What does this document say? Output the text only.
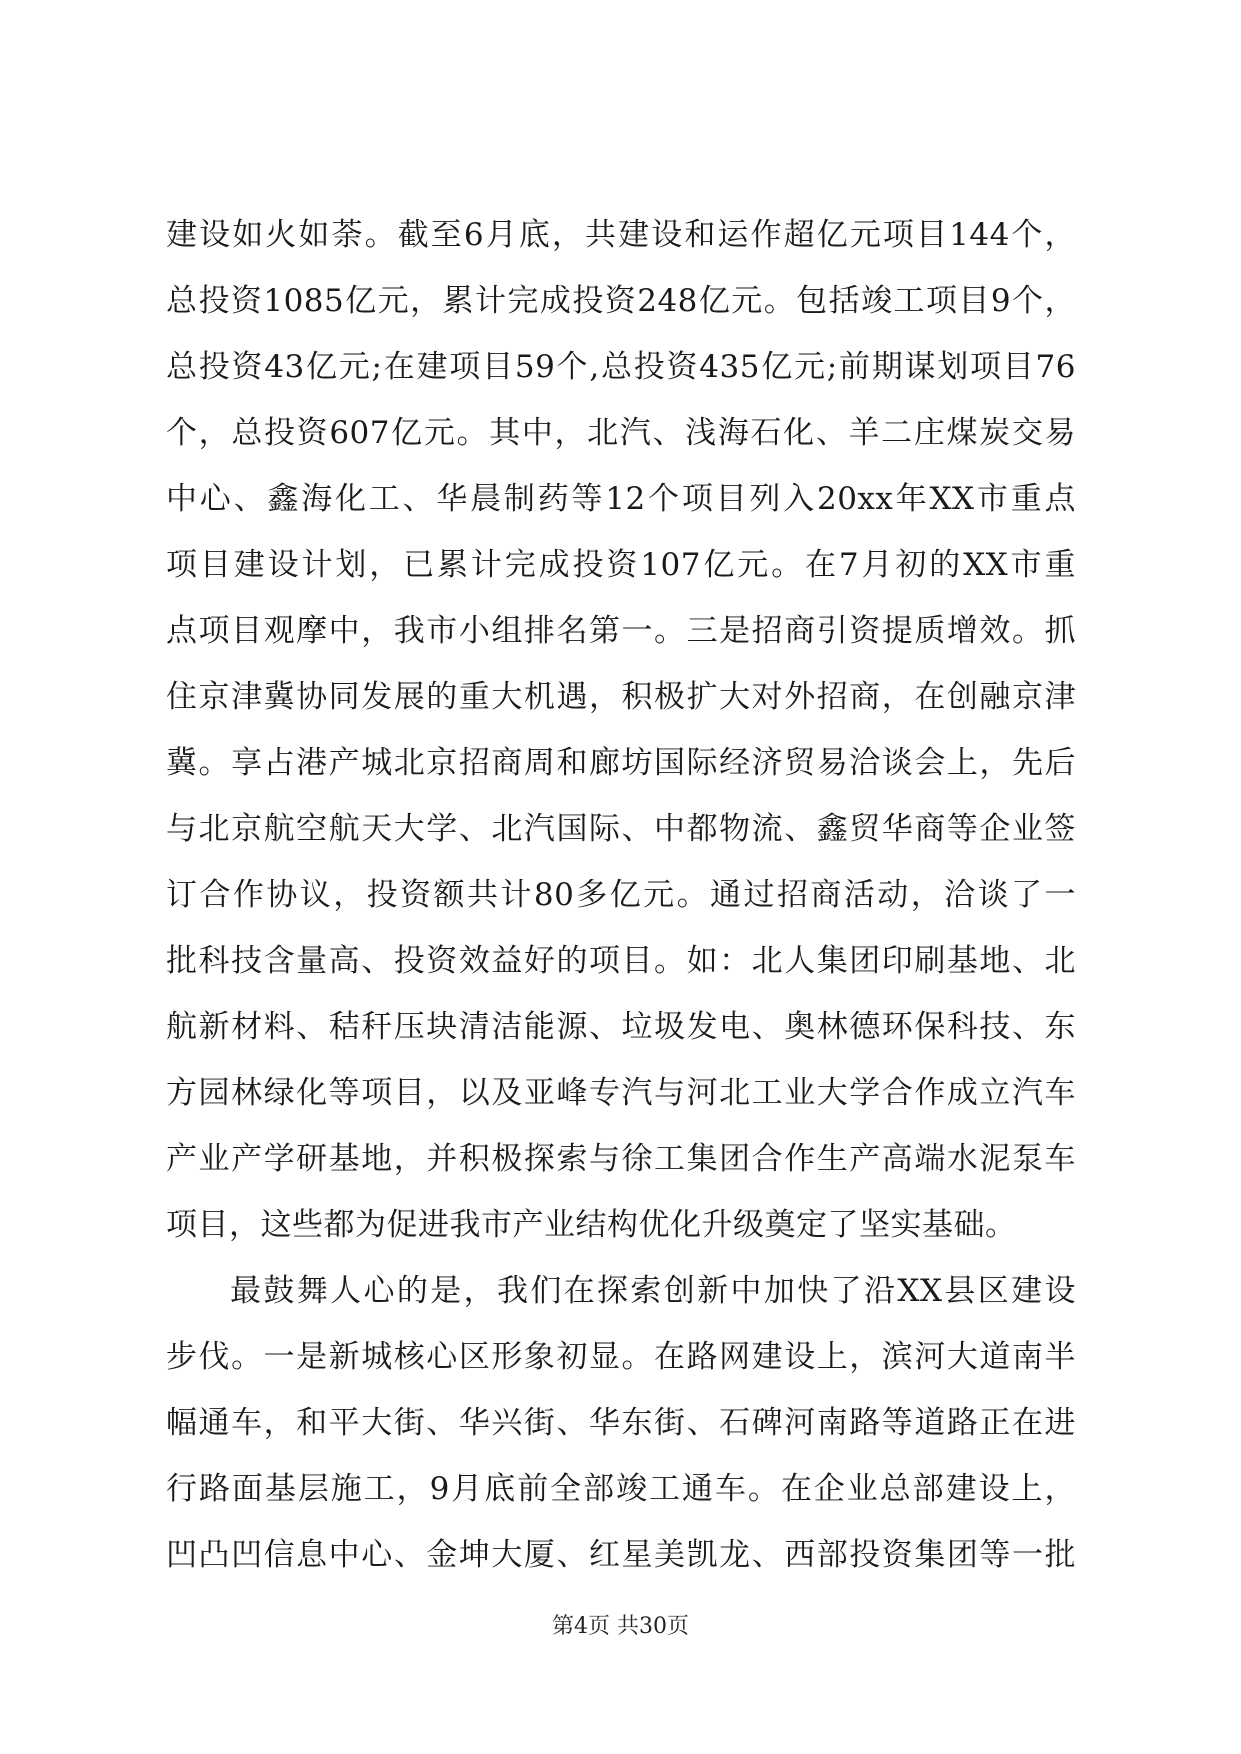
建设如火如荼。截至6月底，共建设和运作超亿元项目144个，
总投资1085亿元，累计完成投资248亿元。包括竣工项目9个，
总投资43亿元;在建项目59个,总投资435亿元;前期谋划项目76
个，总投资607亿元。其中，北汽、浅海石化、羊二庄煤炭交易
中心、鑫海化工、华晨制药等12个项目列入20xx年XX市重点
项目建设计划，已累计完成投资107亿元。在7月初的XX市重
点项目观摩中，我市小组排名第一。三是招商引资提质增效。抓
住京津冀协同发展的重大机遇，积极扩大对外招商，在创融京津
冀。享占港产城北京招商周和廊坊国际经济贸易洽谈会上，先后
与北京航空航天大学、北汽国际、中都物流、鑫贸华商等企业签
订合作协议，投资额共计80多亿元。通过招商活动，洽谈了一
批科技含量高、投资效益好的项目。如：北人集团印刷基地、北
航新材料、秸秆压块清洁能源、垃圾发电、奥林德环保科技、东
方园林绿化等项目，以及亚峰专汽与河北工业大学合作成立汽车
产业产学研基地，并积极探索与徐工集团合作生产高端水泥泵车
项目，这些都为促进我市产业结构优化升级奠定了坚实基础。
最鼓舞人心的是，我们在探索创新中加快了沿XX县区建设
步伐。一是新城核心区形象初显。在路网建设上，滨河大道南半
幅通车，和平大街、华兴街、华东街、石碑河南路等道路正在进
行路面基层施工，9月底前全部竣工通车。在企业总部建设上，
凹凸凹信息中心、金坤大厦、红星美凯龙、西部投资集团等一批
第4页 共30页
